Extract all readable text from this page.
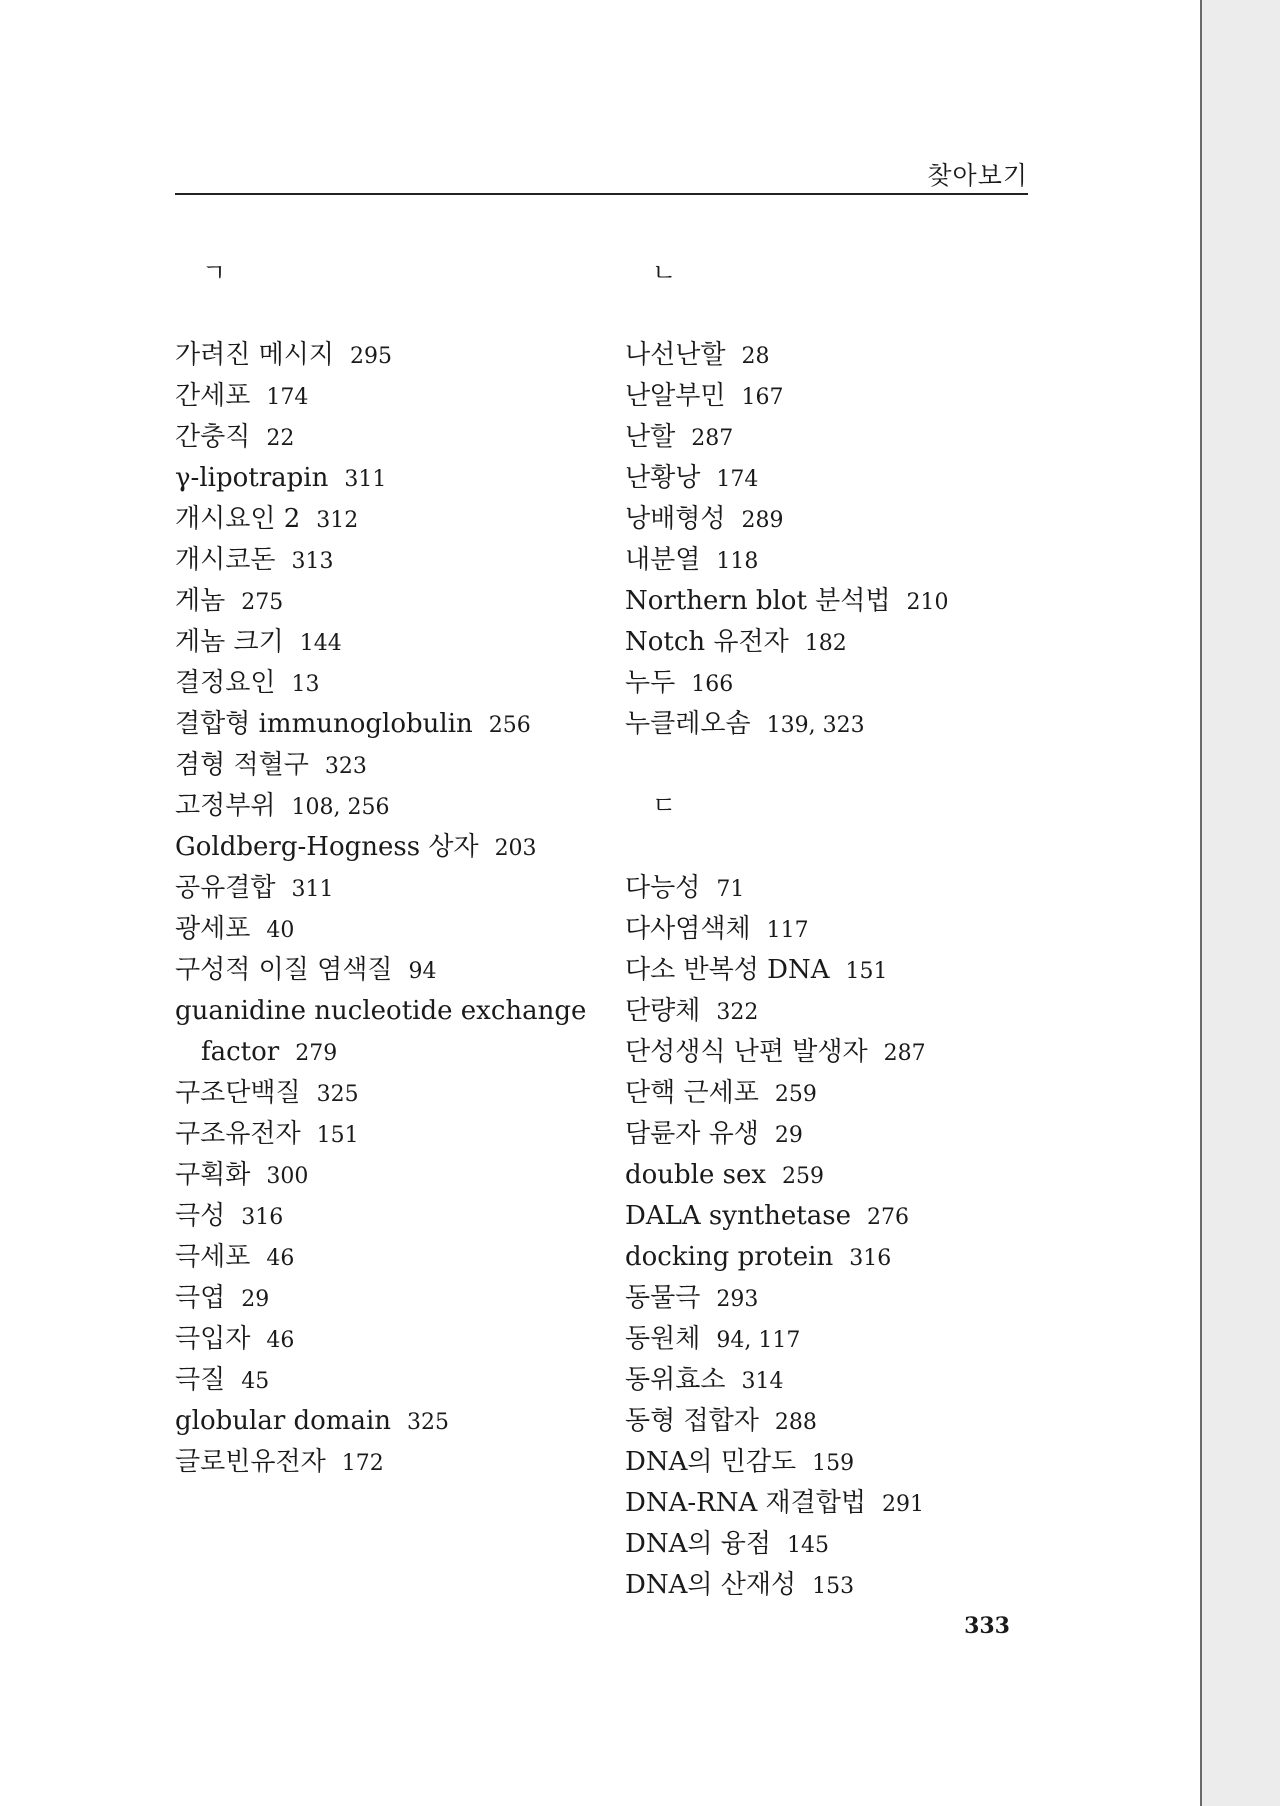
찾아보기
ㄱ
가려진 메시지 295
간세포 174
간충직 22
γ-lipotrapin 311
개시요인 2 312
개시코돈 313
게놈 275
게놈 크기 144
결정요인 13
결합형 immunoglobulin 256
겸형 적혈구 323
고정부위 108, 256
Goldberg-Hogness 상자 203
공유결합 311
광세포 40
구성적 이질 염색질 94
guanidine nucleotide exchange
factor 279
구조단백질 325
구조유전자 151
구획화 300
극성 316
극세포 46
극엽 29
극입자 46
극질 45
globular domain 325
글로빈유전자 172
ㄴ
나선난할 28
난알부민 167
난할 287
난황낭 174
낭배형성 289
내분열 118
Northern blot 분석법 210
Notch 유전자 182
누두 166
누클레오솜 139, 323
ㄷ
다능성 71
다사염색체 117
다소 반복성 DNA 151
단량체 322
단성생식 난편 발생자 287
단핵 근세포 259
담륜자 유생 29
double sex 259
DALA synthetase 276
docking protein 316
동물극 293
동원체 94, 117
동위효소 314
동형 접합자 288
DNA의 민감도 159
DNA-RNA 재결합법 291
DNA의 융점 145
DNA의 산재성 153
333
